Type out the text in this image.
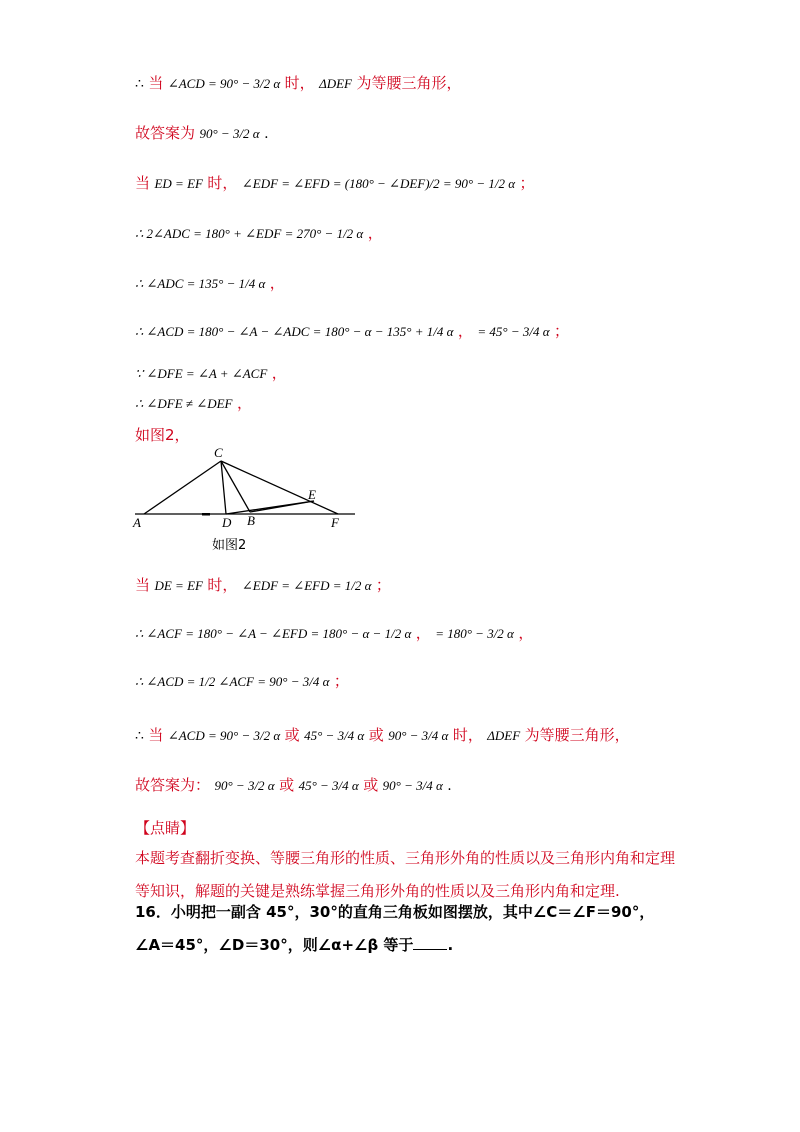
∴ 当 ∠ACD = 90° − 3/2 α 时， ΔDEF 为等腰三角形，
故答案为 90° − 3/2 α .
当 ED = EF 时， ∠EDF = ∠EFD = (180° − ∠DEF)/2 = 90° − 1/2 α ；
∴ 2∠ADC = 180° + ∠EDF = 270° − 1/2 α ，
∴ ∠ADC = 135° − 1/4 α ，
∴ ∠ACD = 180° − ∠A − ∠ADC = 180° − α − 135° + 1/4 α ， = 45° − 3/4 α ；
∵ ∠DFE = ∠A + ∠ACF ，
∴ ∠DFE ≠ ∠DEF ，
如图2，
C
E
A	D B	F
如图2
当 DE = EF 时， ∠EDF = ∠EFD = 1/2 α ；
∴ ∠ACF = 180° − ∠A − ∠EFD = 180° − α − 1/2 α ， = 180° − 3/2 α ，
∴ ∠ACD = 1/2 ∠ACF = 90° − 3/4 α ；
∴ 当 ∠ACD = 90° − 3/2 α 或 45° − 3/4 α 或 90° − 3/4 α 时， ΔDEF 为等腰三角形，
故答案为： 90° − 3/2 α 或 45° − 3/4 α 或 90° − 3/4 α .
【点睛】
本题考查翻折变换、等腰三角形的性质、三角形外角的性质以及三角形内角和定理等知识，解题的关键是熟练掌握三角形外角的性质以及三角形内角和定理.
16．小明把一副含 45°，30°的直角三角板如图摆放，其中∠C＝∠F＝90°，∠A＝45°，∠D＝30°，则∠α+∠β 等于 .
